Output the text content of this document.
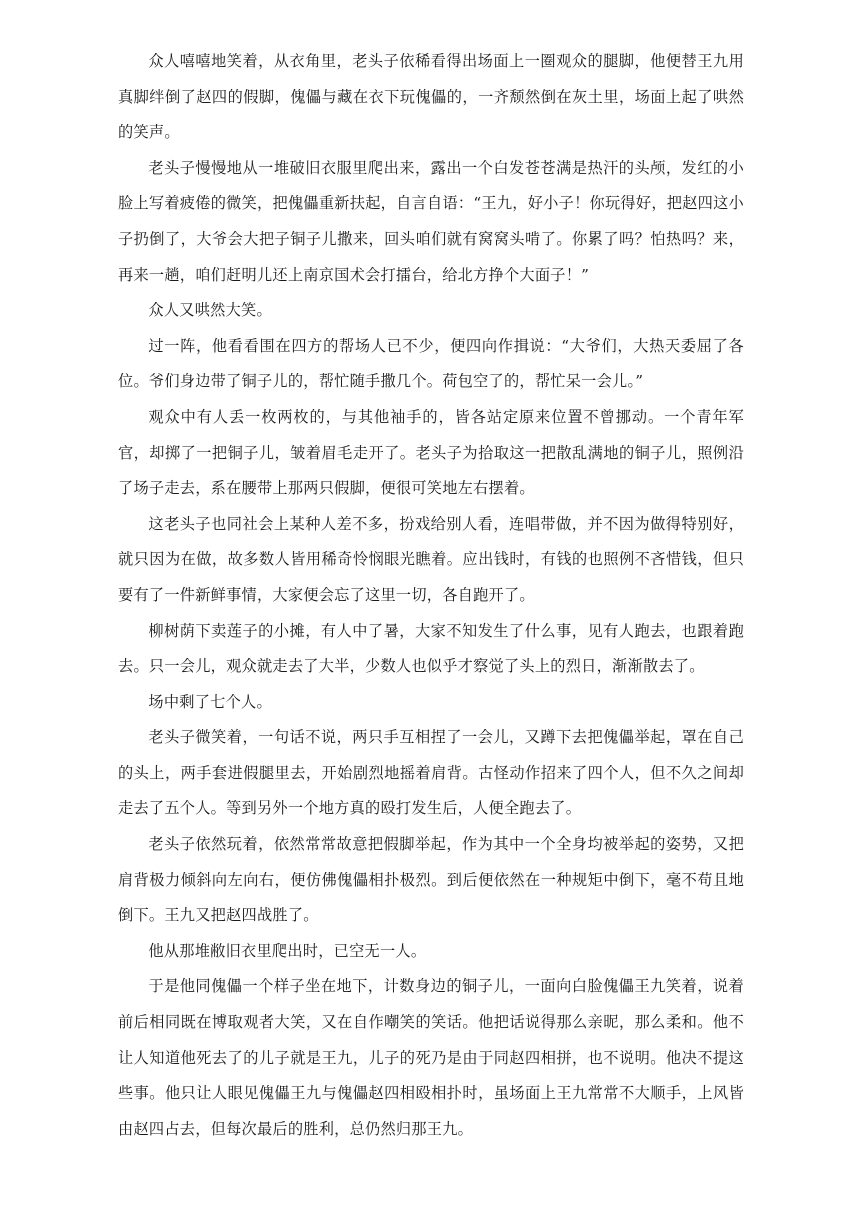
众人嘻嘻地笑着，从衣角里，老头子依稀看得出场面上一圈观众的腿脚，他便替王九用真脚绊倒了赵四的假脚，傀儡与藏在衣下玩傀儡的，一齐颓然倒在灰土里，场面上起了哄然的笑声。

老头子慢慢地从一堆破旧衣服里爬出来，露出一个白发苍苍满是热汗的头颅，发红的小脸上写着疲倦的微笑，把傀儡重新扶起，自言自语：“王九，好小子！你玩得好，把赵四这小子扔倒了，大爷会大把子铜子儿撒来，回头咱们就有窝窝头啃了。你累了吗？怕热吗？来，再来一趟，咱们赶明儿还上南京国术会打擂台，给北方挣个大面子！”

众人又哄然大笑。

过一阵，他看看围在四方的帮场人已不少，便四向作揖说：“大爷们，大热天委屈了各位。爷们身边带了铜子儿的，帮忙随手撒几个。荷包空了的，帮忙呆一会儿。”

观众中有人丢一枚两枚的，与其他袖手的，皆各站定原来位置不曾挪动。一个青年军官，却掷了一把铜子儿，皱着眉毛走开了。老头子为拾取这一把散乱满地的铜子儿，照例沿了场子走去，系在腰带上那两只假脚，便很可笑地左右摆着。

这老头子也同社会上某种人差不多，扮戏给别人看，连唱带做，并不因为做得特别好，就只因为在做，故多数人皆用稀奇怜悯眼光瞧着。应出钱时，有钱的也照例不吝惜钱，但只要有了一件新鲜事情，大家便会忘了这里一切，各自跑开了。

柳树荫下卖莲子的小摊，有人中了暑，大家不知发生了什么事，见有人跑去，也跟着跑去。只一会儿，观众就走去了大半，少数人也似乎才察觉了头上的烈日，渐渐散去了。

场中剩了七个人。

老头子微笑着，一句话不说，两只手互相捏了一会儿，又蹲下去把傀儡举起，罩在自己的头上，两手套进假腿里去，开始剧烈地摇着肩背。古怪动作招来了四个人，但不久之间却走去了五个人。等到另外一个地方真的殴打发生后，人便全跑去了。

老头子依然玩着，依然常常故意把假脚举起，作为其中一个全身均被举起的姿势，又把肩背极力倾斜向左向右，便仿佛傀儡相扑极烈。到后便依然在一种规矩中倒下，毫不苟且地倒下。王九又把赵四战胜了。

他从那堆敝旧衣里爬出时，已空无一人。

于是他同傀儡一个样子坐在地下，计数身边的铜子儿，一面向白脸傀儡王九笑着，说着前后相同既在博取观者大笑，又在自作嘲笑的笑话。他把话说得那么亲昵，那么柔和。他不让人知道他死去了的儿子就是王九，儿子的死乃是由于同赵四相拼，也不说明。他决不提这些事。他只让人眼见傀儡王九与傀儡赵四相殴相扑时，虽场面上王九常常不大顺手，上风皆由赵四占去，但每次最后的胜利，总仍然归那王九。
